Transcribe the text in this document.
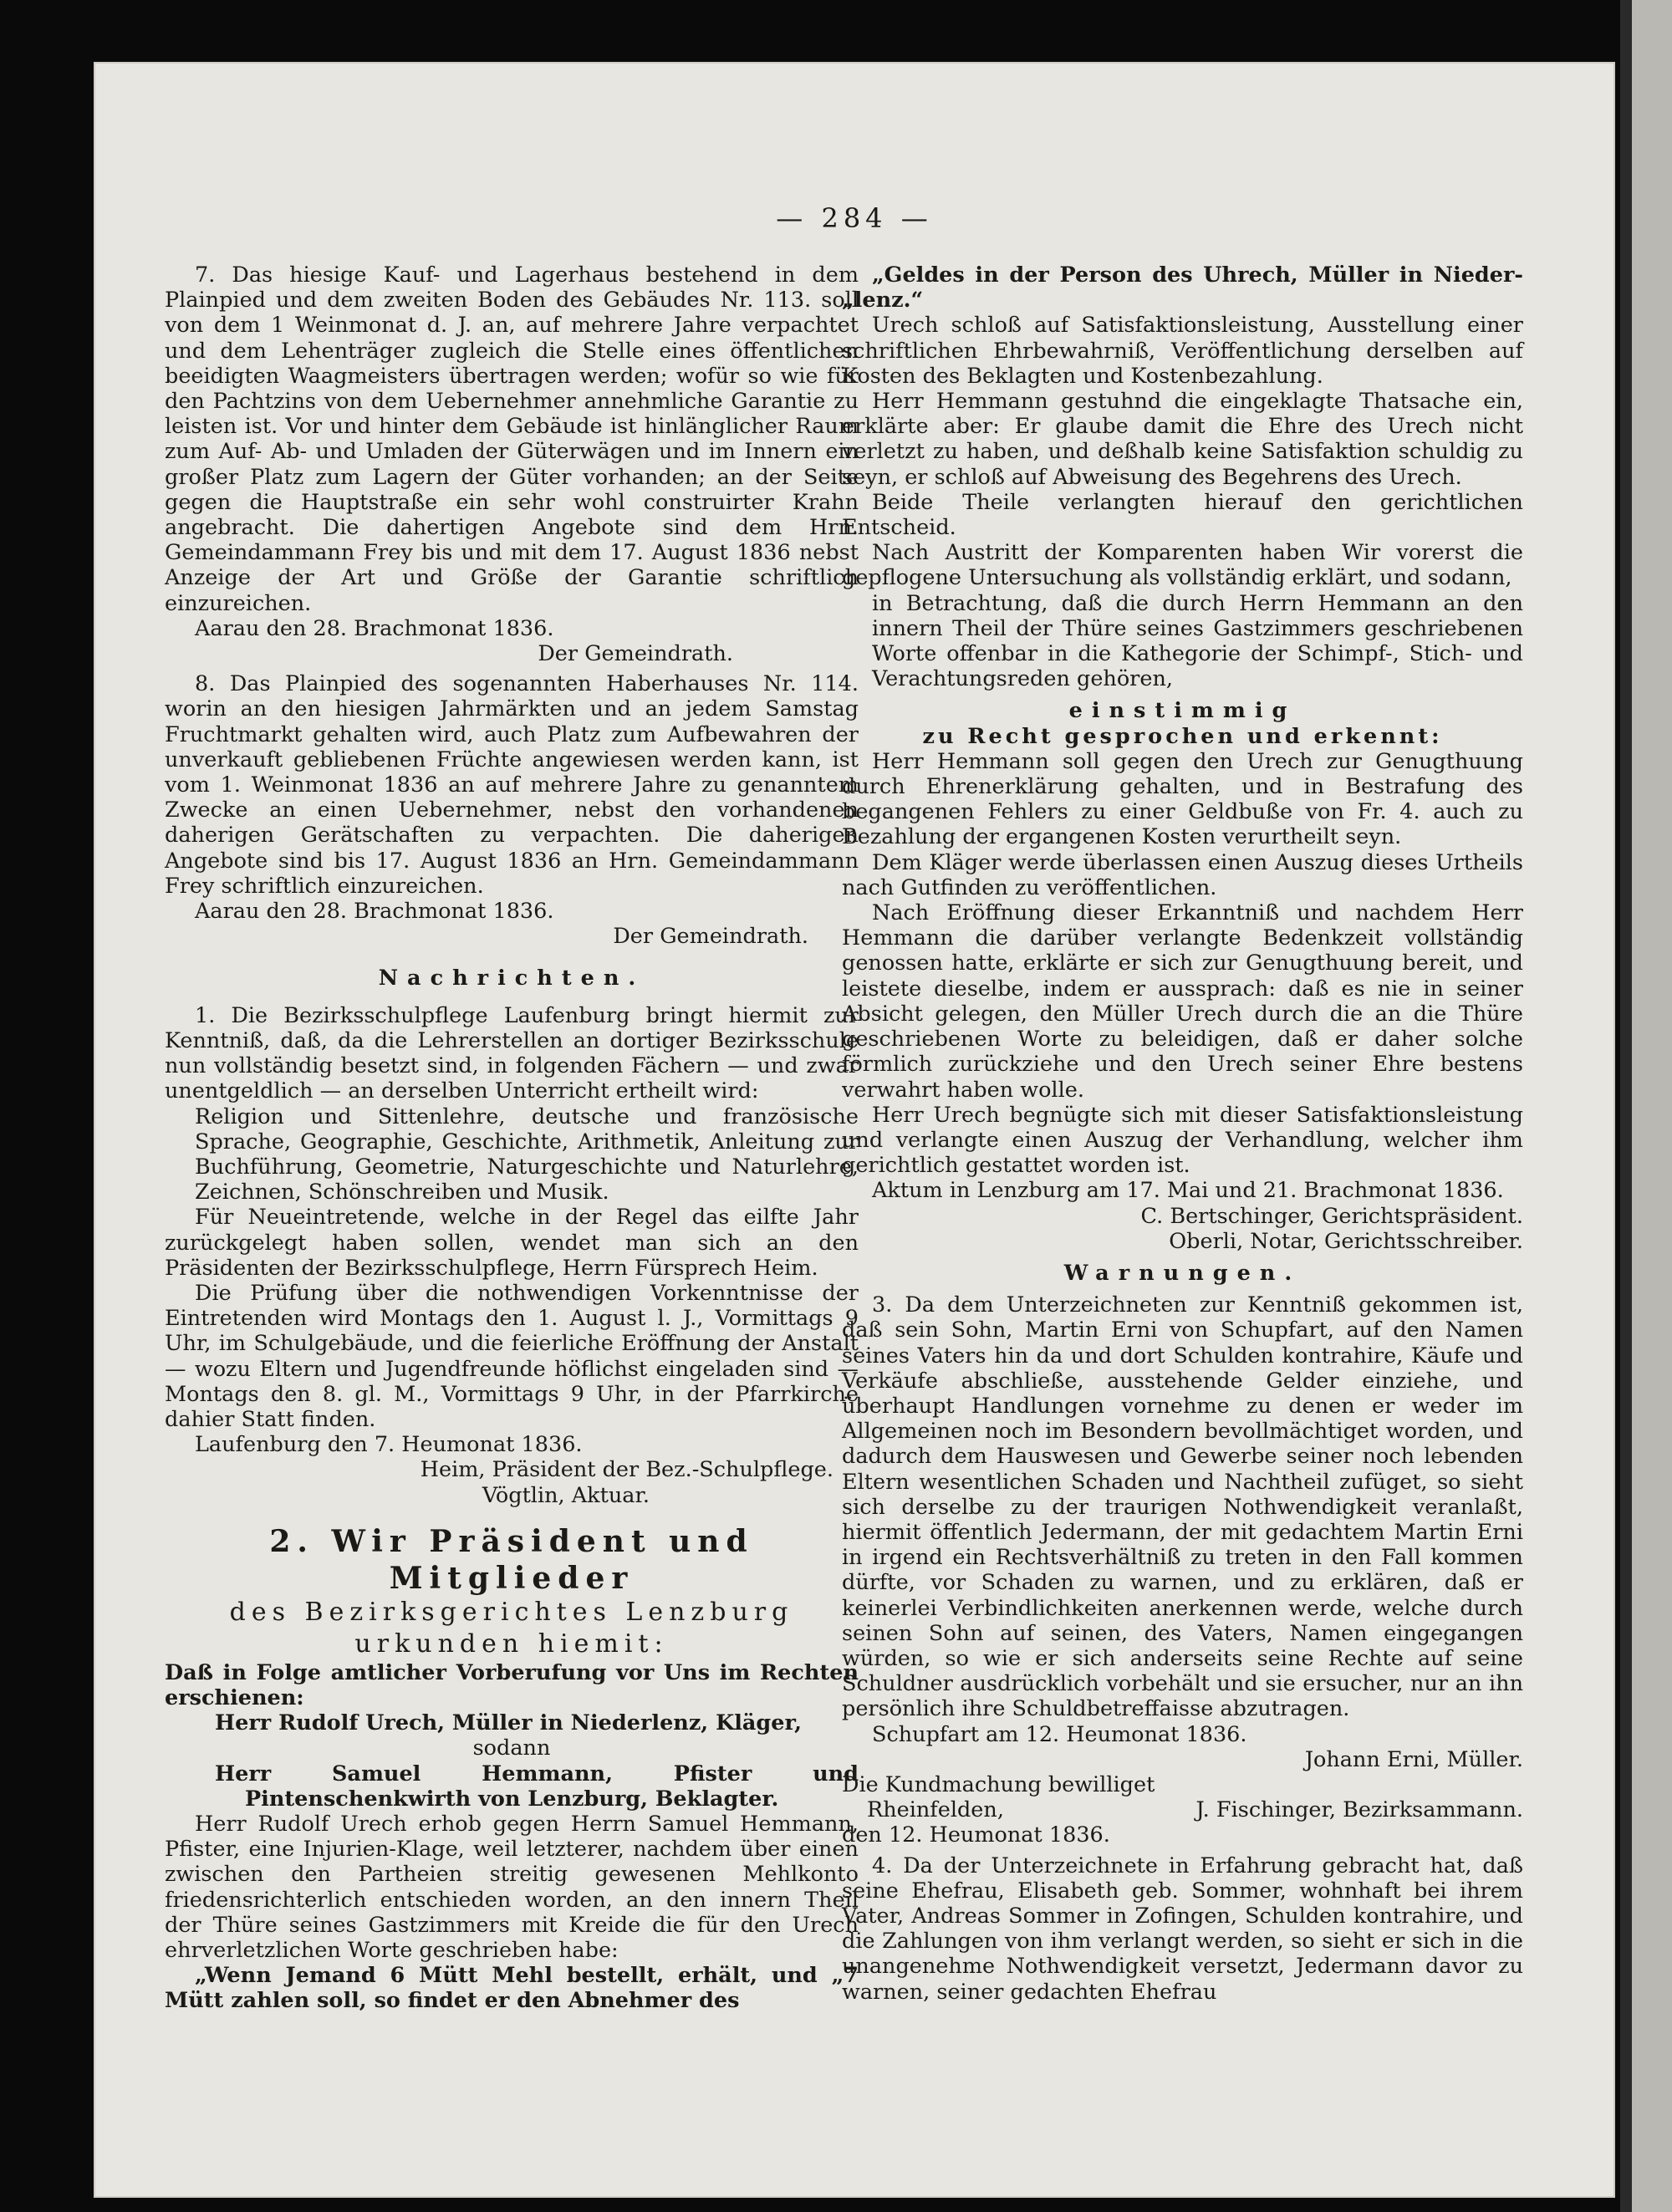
— 284 —

7. Das hiesige Kauf- und Lagerhaus bestehend in dem Plainpied und dem zweiten Boden des Gebäudes Nr. 113. soll von dem 1 Weinmonat d. J. an, auf mehrere Jahre verpachtet und dem Lehenträger zugleich die Stelle eines öffentlichen beeidigten Waagmeisters übertragen werden; wofür so wie für den Pachtzins von dem Uebernehmer annehmliche Garantie zu leisten ist. Vor und hinter dem Gebäude ist hinlänglicher Raum zum Auf- Ab- und Umladen der Güterwägen und im Innern ein großer Platz zum Lagern der Güter vorhanden; an der Seite gegen die Hauptstraße ein sehr wohl construirter Krahn angebracht. Die dahertigen Angebote sind dem Hrn. Gemeindammann Frey bis und mit dem 17. August 1836 nebst Anzeige der Art und Größe der Garantie schriftlich einzureichen.

Aarau den 28. Brachmonat 1836.

Der Gemeindrath.

8. Das Plainpied des sogenannten Haberhauses Nr. 114. worin an den hiesigen Jahrmärkten und an jedem Samstag Fruchtmarkt gehalten wird, auch Platz zum Aufbewahren der unverkauft gebliebenen Früchte angewiesen werden kann, ist vom 1. Weinmonat 1836 an auf mehrere Jahre zu genanntem Zwecke an einen Uebernehmer, nebst den vorhandenen daherigen Gerätschaften zu verpachten. Die daherigen Angebote sind bis 17. August 1836 an Hrn. Gemeindammann Frey schriftlich einzureichen.

Aarau den 28. Brachmonat 1836.

Der Gemeindrath.

Nachrichten.

1. Die Bezirksschulpflege Laufenburg bringt hiermit zur Kenntniß, daß, da die Lehrerstellen an dortiger Bezirksschule nun vollständig besetzt sind, in folgenden Fächern — und zwar unentgeldlich — an derselben Unterricht ertheilt wird:

Religion und Sittenlehre, deutsche und französische Sprache, Geographie, Geschichte, Arithmetik, Anleitung zur Buchführung, Geometrie, Naturgeschichte und Naturlehre, Zeichnen, Schönschreiben und Musik.

Für Neueintretende, welche in der Regel das eilfte Jahr zurückgelegt haben sollen, wendet man sich an den Präsidenten der Bezirksschulpflege, Herrn Fürsprech Heim.

Die Prüfung über die nothwendigen Vorkenntnisse der Eintretenden wird Montags den 1. August l. J., Vormittags 9 Uhr, im Schulgebäude, und die feierliche Eröffnung der Anstalt — wozu Eltern und Jugendfreunde höflichst eingeladen sind — Montags den 8. gl. M., Vormittags 9 Uhr, in der Pfarrkirche dahier Statt finden.

Laufenburg den 7. Heumonat 1836.

Heim, Präsident der Bez.-Schulpflege.

Vögtlin, Aktuar.

2. Wir Präsident und Mitglieder

des Bezirksgerichtes Lenzburg

urkunden hiemit:

Daß in Folge amtlicher Vorberufung vor Uns im Rechten erschienen:

Herr Rudolf Urech, Müller in Niederlenz, Kläger,

sodann

Herr Samuel Hemmann, Pfister und Pintenschenkwirth von Lenzburg, Beklagter.

Herr Rudolf Urech erhob gegen Herrn Samuel Hemmann, Pfister, eine Injurien-Klage, weil letzterer, nachdem über einen zwischen den Partheien streitig gewesenen Mehlkonto friedensrichterlich entschieden worden, an den innern Theil der Thüre seines Gastzimmers mit Kreide die für den Urech ehrverletzlichen Worte geschrieben habe:

„Wenn Jemand 6 Mütt Mehl bestellt, erhält, und „7 Mütt zahlen soll, so findet er den Abnehmer des

„Geldes in der Person des Uhrech, Müller in Nieder-„lenz.“

Urech schloß auf Satisfaktionsleistung, Ausstellung einer schriftlichen Ehrbewahrniß, Veröffentlichung derselben auf Kosten des Beklagten und Kostenbezahlung.

Herr Hemmann gestuhnd die eingeklagte Thatsache ein, erklärte aber: Er glaube damit die Ehre des Urech nicht verletzt zu haben, und deßhalb keine Satisfaktion schuldig zu seyn, er schloß auf Abweisung des Begehrens des Urech.

Beide Theile verlangten hierauf den gerichtlichen Entscheid.

Nach Austritt der Komparenten haben Wir vorerst die gepflogene Untersuchung als vollständig erklärt, und sodann,

in Betrachtung, daß die durch Herrn Hemmann an den innern Theil der Thüre seines Gastzimmers geschriebenen Worte offenbar in die Kathegorie der Schimpf-, Stich- und Verachtungsreden gehören,

einstimmig

zu Recht gesprochen und erkennt:

Herr Hemmann soll gegen den Urech zur Genugthuung durch Ehrenerklärung gehalten, und in Bestrafung des begangenen Fehlers zu einer Geldbuße von Fr. 4. auch zu Bezahlung der ergangenen Kosten verurtheilt seyn.

Dem Kläger werde überlassen einen Auszug dieses Urtheils nach Gutfinden zu veröffentlichen.

Nach Eröffnung dieser Erkanntniß und nachdem Herr Hemmann die darüber verlangte Bedenkzeit vollständig genossen hatte, erklärte er sich zur Genugthuung bereit, und leistete dieselbe, indem er aussprach: daß es nie in seiner Absicht gelegen, den Müller Urech durch die an die Thüre geschriebenen Worte zu beleidigen, daß er daher solche förmlich zurückziehe und den Urech seiner Ehre bestens verwahrt haben wolle.

Herr Urech begnügte sich mit dieser Satisfaktionsleistung und verlangte einen Auszug der Verhandlung, welcher ihm gerichtlich gestattet worden ist.

Aktum in Lenzburg am 17. Mai und 21. Brachmonat 1836.

C. Bertschinger, Gerichtspräsident.

Oberli, Notar, Gerichtsschreiber.

Warnungen.

3. Da dem Unterzeichneten zur Kenntniß gekommen ist, daß sein Sohn, Martin Erni von Schupfart, auf den Namen seines Vaters hin da und dort Schulden kontrahire, Käufe und Verkäufe abschließe, ausstehende Gelder einziehe, und überhaupt Handlungen vornehme zu denen er weder im Allgemeinen noch im Besondern bevollmächtiget worden, und dadurch dem Hauswesen und Gewerbe seiner noch lebenden Eltern wesentlichen Schaden und Nachtheil zufüget, so sieht sich derselbe zu der traurigen Nothwendigkeit veranlaßt, hiermit öffentlich Jedermann, der mit gedachtem Martin Erni in irgend ein Rechtsverhältniß zu treten in den Fall kommen dürfte, vor Schaden zu warnen, und zu erklären, daß er keinerlei Verbindlichkeiten anerkennen werde, welche durch seinen Sohn auf seinen, des Vaters, Namen eingegangen würden, so wie er sich anderseits seine Rechte auf seine Schuldner ausdrücklich vorbehält und sie ersucher, nur an ihn persönlich ihre Schuldbetreffaisse abzutragen.

Schupfart am 12. Heumonat 1836.

Johann Erni, Müller.

Die Kundmachung bewilliget

Rheinfelden,	J. Fischinger, Bezirksammann.

den 12. Heumonat 1836.

4. Da der Unterzeichnete in Erfahrung gebracht hat, daß seine Ehefrau, Elisabeth geb. Sommer, wohnhaft bei ihrem Vater, Andreas Sommer in Zofingen, Schulden kontrahire, und die Zahlungen von ihm verlangt werden, so sieht er sich in die unangenehme Nothwendigkeit versetzt, Jedermann davor zu warnen, seiner gedachten Ehefrau
